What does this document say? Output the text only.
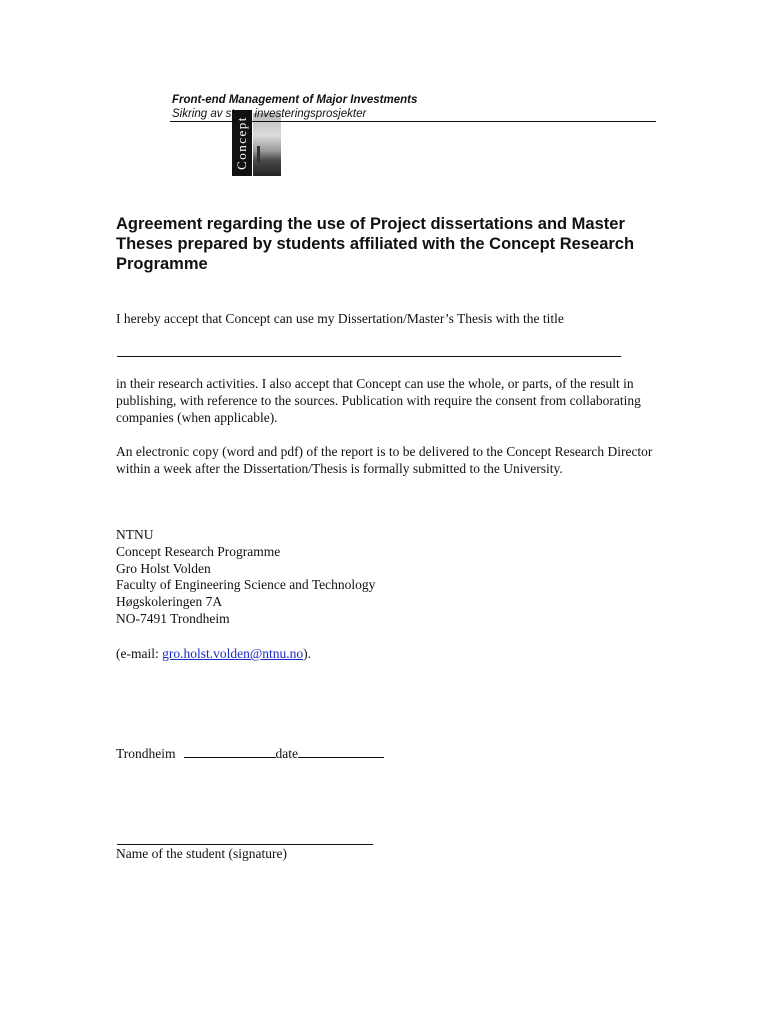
Concept
Front-end Management of Major Investments
Sikring av store investeringsprosjekter
Agreement regarding the use of Project dissertations and Master Theses prepared by students affiliated with the Concept Research Programme

I hereby accept that Concept can use my Dissertation/Master’s Thesis with the title

in their research activities. I also accept that Concept can use the whole, or parts, of the result in publishing, with reference to the sources. Publication with require the consent from collaborating companies (when applicable).

An electronic copy (word and pdf) of the report is to be delivered to the Concept Research Director within a week after the Dissertation/Thesis is formally submitted to the University.

NTNU
Concept Research Programme
Gro Holst Volden
Faculty of Engineering Science and Technology
Høgskoleringen 7A
NO-7491 Trondheim
(e-mail: gro.holst.volden@ntnu.no).
Trondheim	date
Name of the student (signature)
